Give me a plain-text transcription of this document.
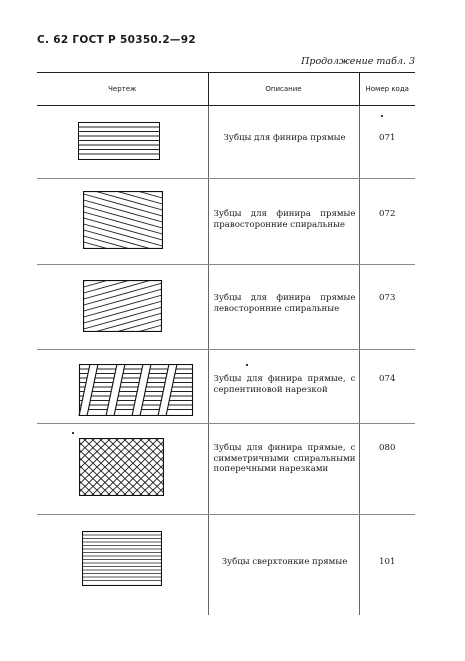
С. 62 ГОСТ Р 50350.2—92
Продолжение табл. 3
Чертеж	Описание	Номер кода

Зубцы для финира прямые	071

Зубцы для финира прямые правосторонние спиральные	072

Зубцы для финира прямые левосторонние спиральные	073

Зубцы для финира прямые, с серпентиновой нарезкой	074

Зубцы для финира прямые, с симметричными спиральными поперечными нарезками	080

Зубцы сверхтонкие прямые	101
